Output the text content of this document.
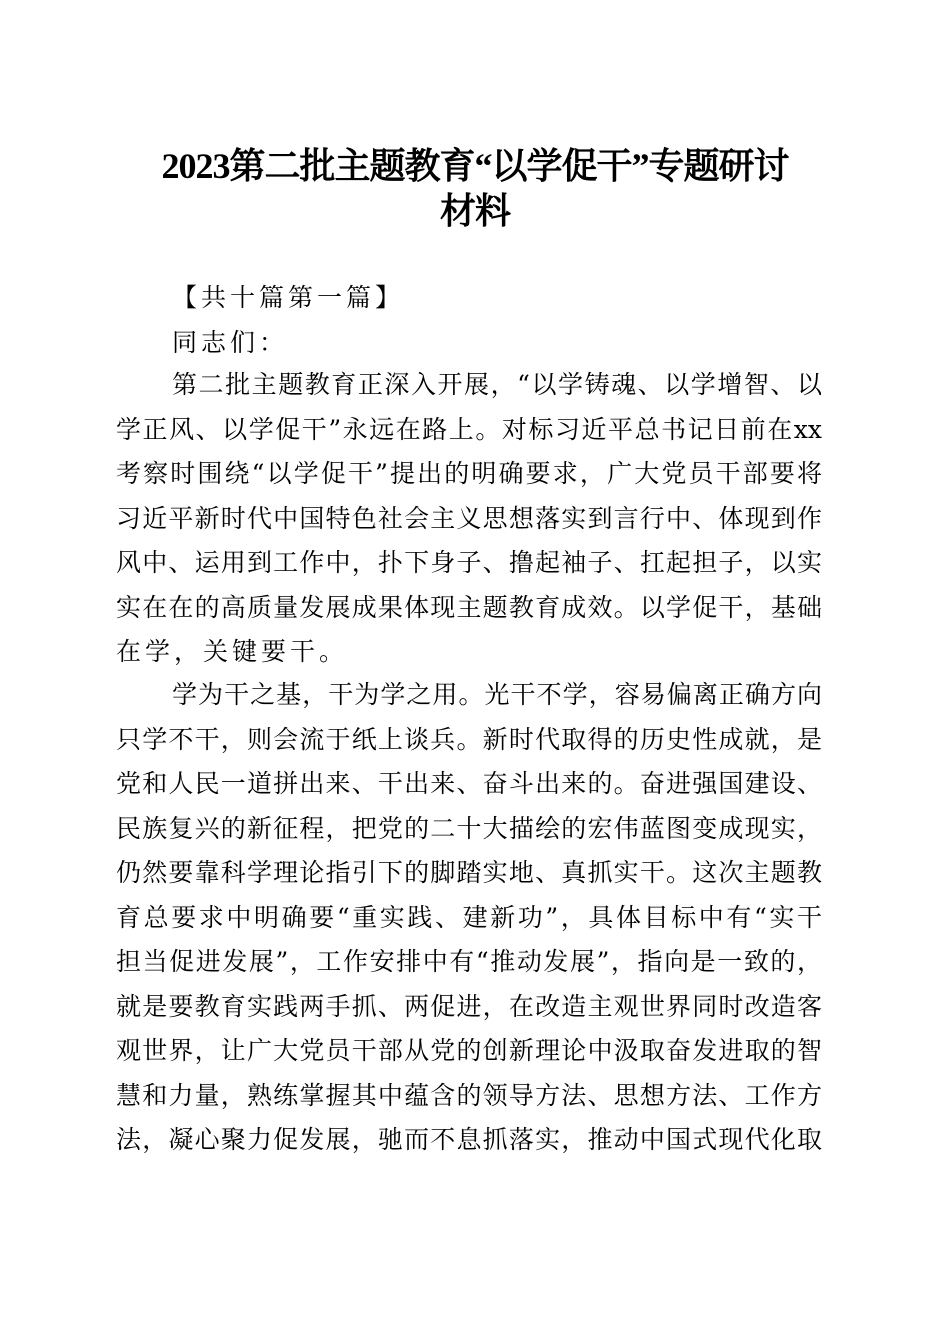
2023第二批主题教育“以学促干”专题研讨
材料
【共十篇第一篇】
同志们：
第二批主题教育正深入开展，“以学铸魂、以学增智、以
学正风、以学促干”永远在路上。对标习近平总书记日前在xx
考察时围绕“以学促干”提出的明确要求，广大党员干部要将
习近平新时代中国特色社会主义思想落实到言行中、体现到作
风中、运用到工作中，扑下身子、撸起袖子、扛起担子，以实
实在在的高质量发展成果体现主题教育成效。以学促干，基础
在学，关键要干。
学为干之基，干为学之用。光干不学，容易偏离正确方向
只学不干，则会流于纸上谈兵。新时代取得的历史性成就，是
党和人民一道拼出来、干出来、奋斗出来的。奋进强国建设、
民族复兴的新征程，把党的二十大描绘的宏伟蓝图变成现实，
仍然要靠科学理论指引下的脚踏实地、真抓实干。这次主题教
育总要求中明确要“重实践、建新功”，具体目标中有“实干
担当促进发展”，工作安排中有“推动发展”，指向是一致的，
就是要教育实践两手抓、两促进，在改造主观世界同时改造客
观世界，让广大党员干部从党的创新理论中汲取奋发进取的智
慧和力量，熟练掌握其中蕴含的领导方法、思想方法、工作方
法，凝心聚力促发展，驰而不息抓落实，推动中国式现代化取
